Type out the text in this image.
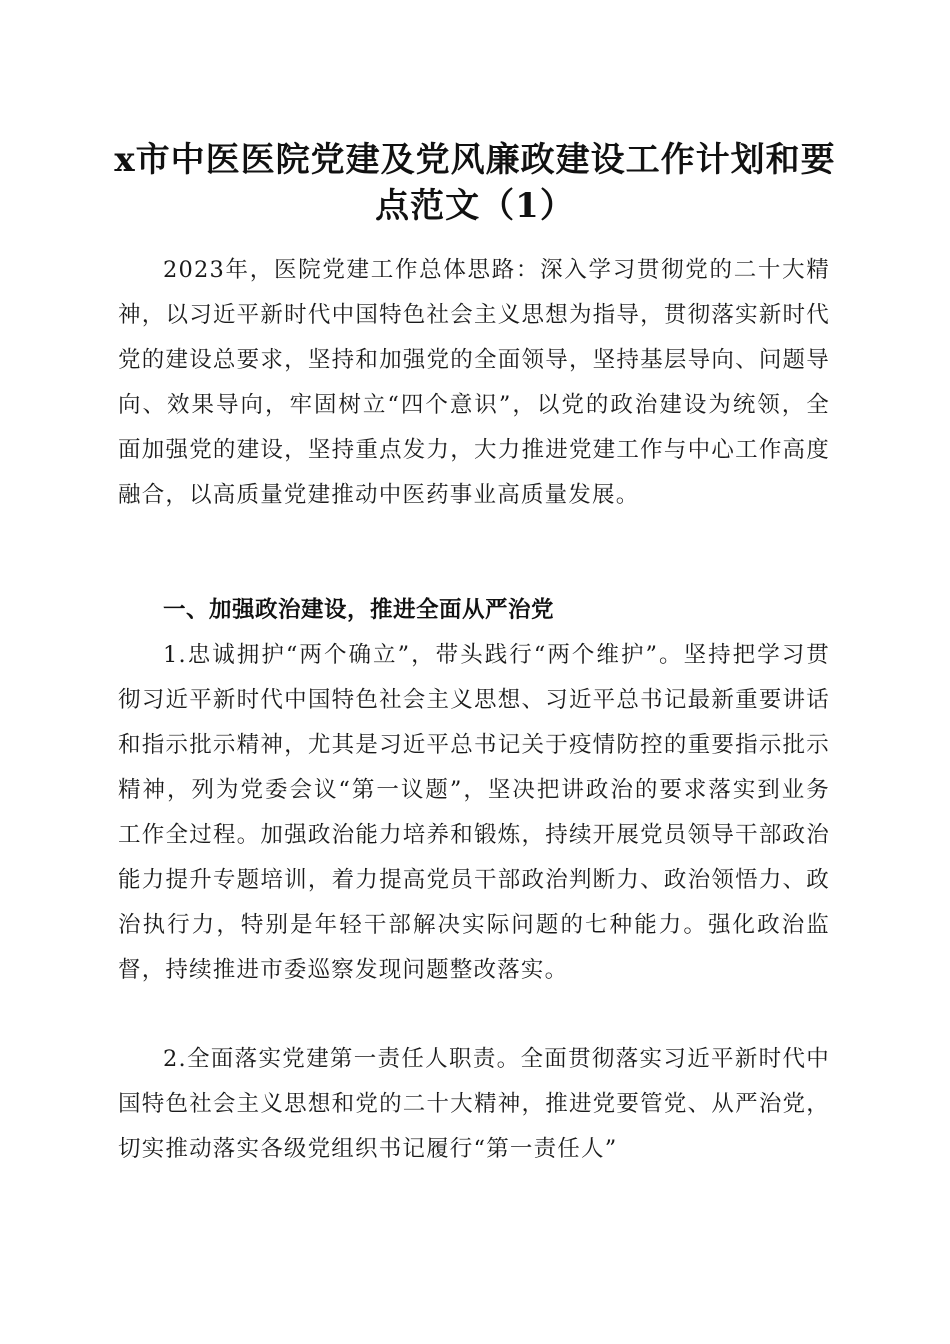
x市中医医院党建及党风廉政建设工作计划和要点范文（1）
2023年，医院党建工作总体思路：深入学习贯彻党的二十大精神，以习近平新时代中国特色社会主义思想为指导，贯彻落实新时代党的建设总要求，坚持和加强党的全面领导，坚持基层导向、问题导向、效果导向，牢固树立“四个意识”，以党的政治建设为统领，全面加强党的建设，坚持重点发力，大力推进党建工作与中心工作高度融合，以高质量党建推动中医药事业高质量发展。
一、加强政治建设，推进全面从严治党
1.忠诚拥护“两个确立”，带头践行“两个维护”。坚持把学习贯彻习近平新时代中国特色社会主义思想、习近平总书记最新重要讲话和指示批示精神，尤其是习近平总书记关于疫情防控的重要指示批示精神，列为党委会议“第一议题”，坚决把讲政治的要求落实到业务工作全过程。加强政治能力培养和锻炼，持续开展党员领导干部政治能力提升专题培训，着力提高党员干部政治判断力、政治领悟力、政治执行力，特别是年轻干部解决实际问题的七种能力。强化政治监督，持续推进市委巡察发现问题整改落实。
2.全面落实党建第一责任人职责。全面贯彻落实习近平新时代中国特色社会主义思想和党的二十大精神，推进党要管党、从严治党，切实推动落实各级党组织书记履行“第一责任人”
